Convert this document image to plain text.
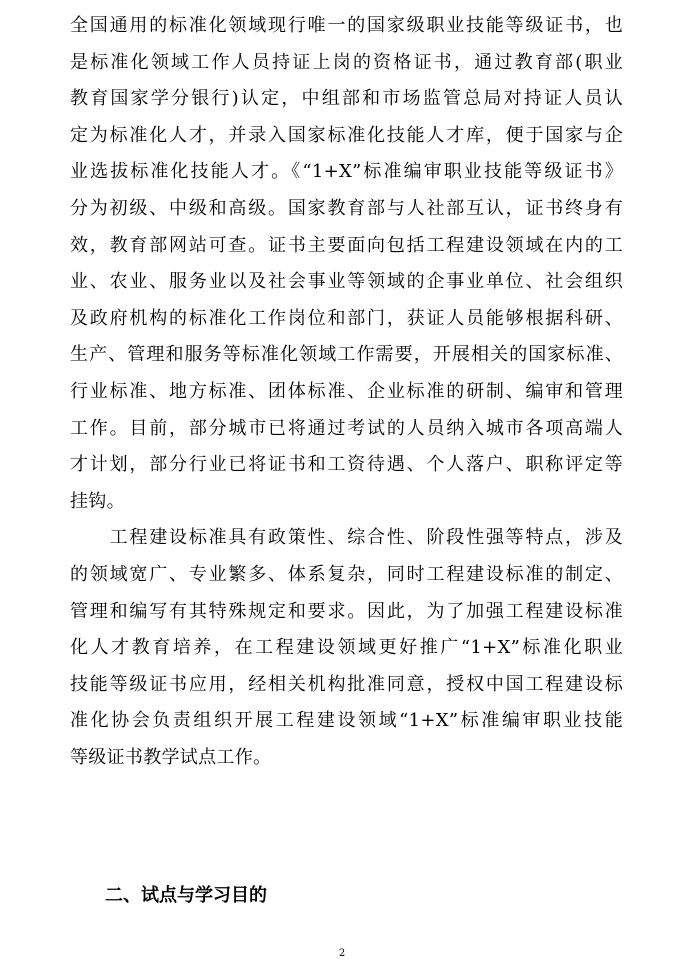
全国通用的标准化领域现行唯一的国家级职业技能等级证书，也
是标准化领域工作人员持证上岗的资格证书，通过教育部(职业
教育国家学分银行)认定，中组部和市场监管总局对持证人员认
定为标准化人才，并录入国家标准化技能人才库，便于国家与企
业选拔标准化技能人才。《“1+X”标准编审职业技能等级证书》
分为初级、中级和高级。国家教育部与人社部互认，证书终身有
效，教育部网站可查。证书主要面向包括工程建设领域在内的工
业、农业、服务业以及社会事业等领域的企事业单位、社会组织
及政府机构的标准化工作岗位和部门，获证人员能够根据科研、
生产、管理和服务等标准化领域工作需要，开展相关的国家标准、
行业标准、地方标准、团体标准、企业标准的研制、编审和管理
工作。目前，部分城市已将通过考试的人员纳入城市各项高端人
才计划，部分行业已将证书和工资待遇、个人落户、职称评定等
挂钩。

　　工程建设标准具有政策性、综合性、阶段性强等特点，涉及
的领域宽广、专业繁多、体系复杂，同时工程建设标准的制定、
管理和编写有其特殊规定和要求。因此，为了加强工程建设标准
化人才教育培养，在工程建设领域更好推广“1+X”标准化职业
技能等级证书应用，经相关机构批准同意，授权中国工程建设标
准化协会负责组织开展工程建设领域“1+X”标准编审职业技能
等级证书教学试点工作。

二、试点与学习目的
2
